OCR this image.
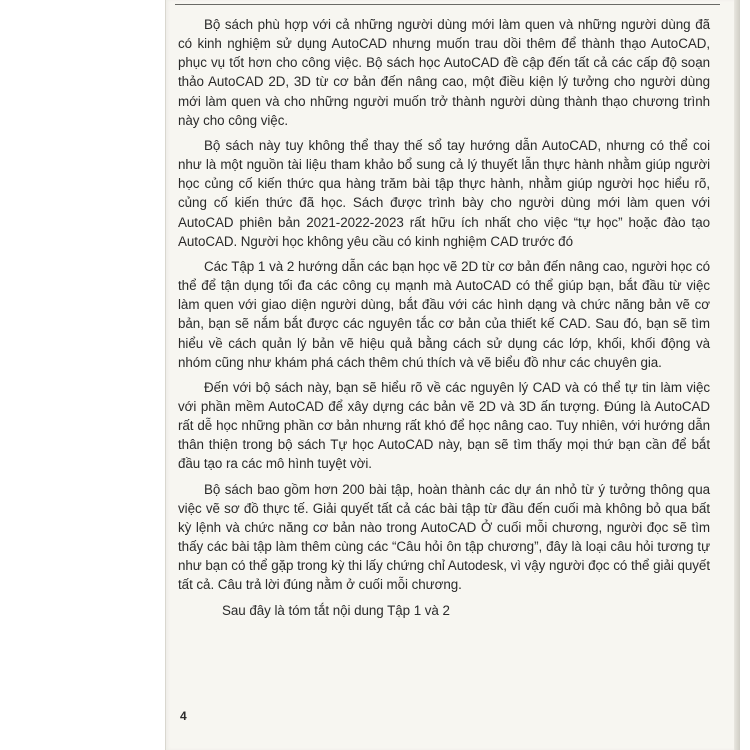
Bộ sách phù hợp với cả những người dùng mới làm quen và những người dùng đã có kinh nghiệm sử dụng AutoCAD nhưng muốn trau dồi thêm để thành thạo AutoCAD, phục vụ tốt hơn cho công việc. Bộ sách học AutoCAD đề cập đến tất cả các cấp độ soạn thảo AutoCAD 2D, 3D từ cơ bản đến nâng cao, một điều kiện lý tưởng cho người dùng mới làm quen và cho những người muốn trở thành người dùng thành thạo chương trình này cho công việc.

Bộ sách này tuy không thể thay thế sổ tay hướng dẫn AutoCAD, nhưng có thể coi như là một nguồn tài liệu tham khảo bổ sung cả lý thuyết lẫn thực hành nhằm giúp người học củng cố kiến thức qua hàng trăm bài tập thực hành, nhằm giúp người học hiểu rõ, củng cố kiến thức đã học. Sách được trình bày cho người dùng mới làm quen với AutoCAD phiên bản 2021-2022-2023 rất hữu ích nhất cho việc “tự học” hoặc đào tạo AutoCAD. Người học không yêu cầu có kinh nghiệm CAD trước đó

Các Tập 1 và 2 hướng dẫn các bạn học vẽ 2D từ cơ bản đến nâng cao, người học có thể để tận dụng tối đa các công cụ mạnh mà AutoCAD có thể giúp bạn, bắt đầu từ việc làm quen với giao diện người dùng, bắt đầu với các hình dạng và chức năng bản vẽ cơ bản, bạn sẽ nắm bắt được các nguyên tắc cơ bản của thiết kế CAD. Sau đó, bạn sẽ tìm hiểu về cách quản lý bản vẽ hiệu quả bằng cách sử dụng các lớp, khối, khối động và nhóm cũng như khám phá cách thêm chú thích và vẽ biểu đồ như các chuyên gia.

Đến với bộ sách này, bạn sẽ hiểu rõ về các nguyên lý CAD và có thể tự tin làm việc với phần mềm AutoCAD để xây dựng các bản vẽ 2D và 3D ấn tượng. Đúng là AutoCAD rất dễ học những phần cơ bản nhưng rất khó để học nâng cao. Tuy nhiên, với hướng dẫn thân thiện trong bộ sách Tự học AutoCAD này, bạn sẽ tìm thấy mọi thứ bạn cần để bắt đầu tạo ra các mô hình tuyệt vời.

Bộ sách bao gồm hơn 200 bài tập, hoàn thành các dự án nhỏ từ ý tưởng thông qua việc vẽ sơ đồ thực tế. Giải quyết tất cả các bài tập từ đầu đến cuối mà không bỏ qua bất kỳ lệnh và chức năng cơ bản nào trong AutoCAD Ở cuối mỗi chương, người đọc sẽ tìm thấy các bài tập làm thêm cùng các “Câu hỏi ôn tập chương”, đây là loại câu hỏi tương tự như bạn có thể gặp trong kỳ thi lấy chứng chỉ Autodesk, vì vậy người đọc có thể giải quyết tất cả. Câu trả lời đúng nằm ở cuối mỗi chương.

Sau đây là tóm tắt nội dung Tập 1 và 2

4
